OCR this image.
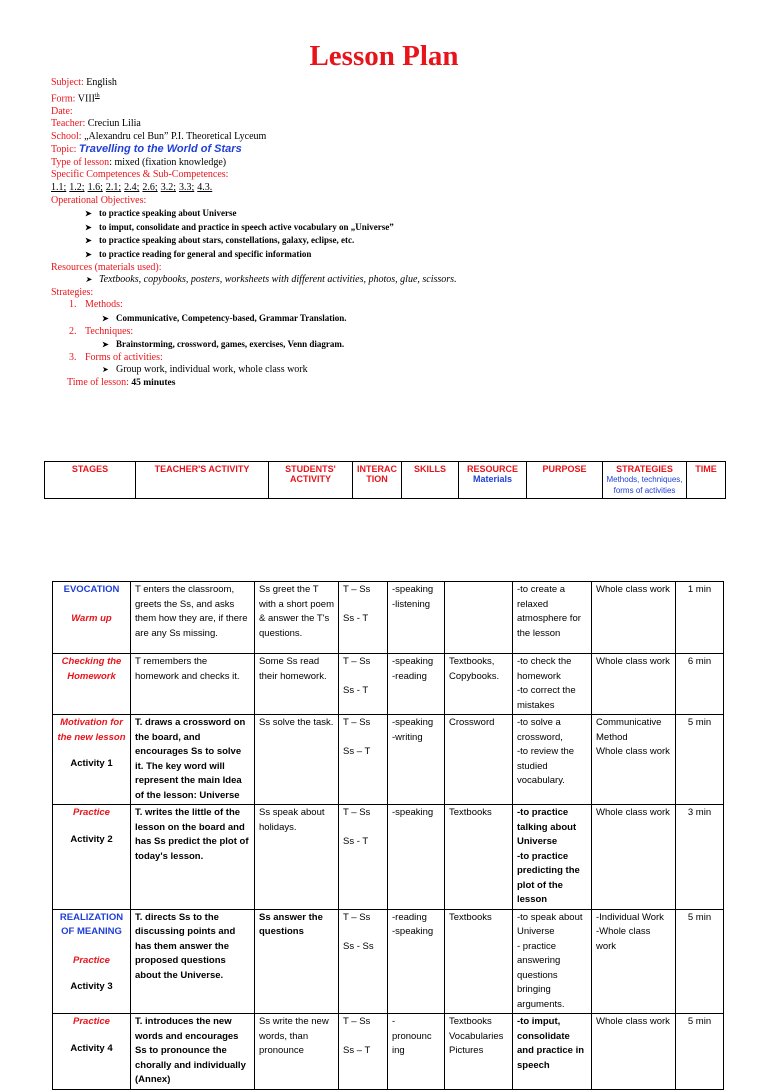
Lesson Plan
Subject: English
Form: VIIIth
Date:
Teacher: Creciun Lilia
School: „Alexandru cel Bun” P.I. Theoretical Lyceum
Topic: Travelling to the World of Stars
Type of lesson: mixed (fixation knowledge)
Specific Competences & Sub-Competences:
1.1; 1.2; 1.6; 2.1; 2.4; 2.6; 3.2; 3.3; 4.3.
Operational Objectives:
➤ to practice speaking about Universe
➤ to imput, consolidate and practice in speech active vocabulary on „Universe”
➤ to practice speaking about stars, constellations, galaxy, eclipse, etc.
➤ to practice reading for general and specific information
Resources (materials used):
➤ Textbooks, copybooks, posters, worksheets with different activities, photos, glue, scissors.
Strategies:
1. Methods:
➤ Communicative, Competency-based, Grammar Translation.
2. Techniques:
➤ Brainstorming, crossword, games, exercises, Venn diagram.
3. Forms of activities:
➤ Group work, individual work, whole class work
Time of lesson: 45 minutes
STAGES	TEACHER'S ACTIVITY	STUDENTS' ACTIVITY	INTERAC TION	SKILLS	RESOURCE
Materials
	PURPOSE	STRATEGIES
Methods, techniques, forms of activities
	TIME
EVOCATION
Warm up	T enters the classroom, greets the Ss, and asks them how they are, if there are any Ss missing.	Ss greet the T with a short poem & answer the T's questions.	T – Ss

Ss - T	-speaking
-listening		-to create a relaxed atmosphere for the lesson	Whole class work	1 min

Checking the Homework	T remembers the homework and checks it.	Some Ss read their homework.	T – Ss

Ss - T	-speaking
-reading	Textbooks, Copybooks.	-to check the homework
-to correct the mistakes	Whole class work	6 min

Motivation for the new lesson
Activity 1	T. draws a crossword on the board, and encourages Ss to solve it. The key word will represent the main Idea of the lesson: Universe	Ss solve the task.	T – Ss

Ss – T	-speaking
-writing	Crossword	-to solve a crossword,
-to review the studied vocabulary.	Communicative Method
Whole class work	5 min

Practice
Activity 2	T. writes the little of the lesson on the board and has Ss predict the plot of today's lesson.	Ss speak about holidays.	T – Ss

Ss - T	-speaking	Textbooks	-to practice talking about Universe
-to practice predicting the plot of the lesson	Whole class work	3 min

REALIZATION OF MEANING
Practice
Activity 3	T. directs Ss to the discussing points and has them answer the proposed questions about the Universe.	Ss answer the questions	T – Ss

Ss - Ss	-reading
-speaking	Textbooks	-to speak about Universe
- practice answering questions bringing arguments.	-Individual Work
-Whole class work	5 min

Practice
Activity 4	T. introduces the new words and encourages Ss to pronounce the chorally and individually (Annex)	Ss write the new words, than pronounce	T – Ss

Ss – T	-
pronounc
ing	Textbooks
Vocabularies
Pictures	-to imput, consolidate and practice in speech	Whole class work	5 min
